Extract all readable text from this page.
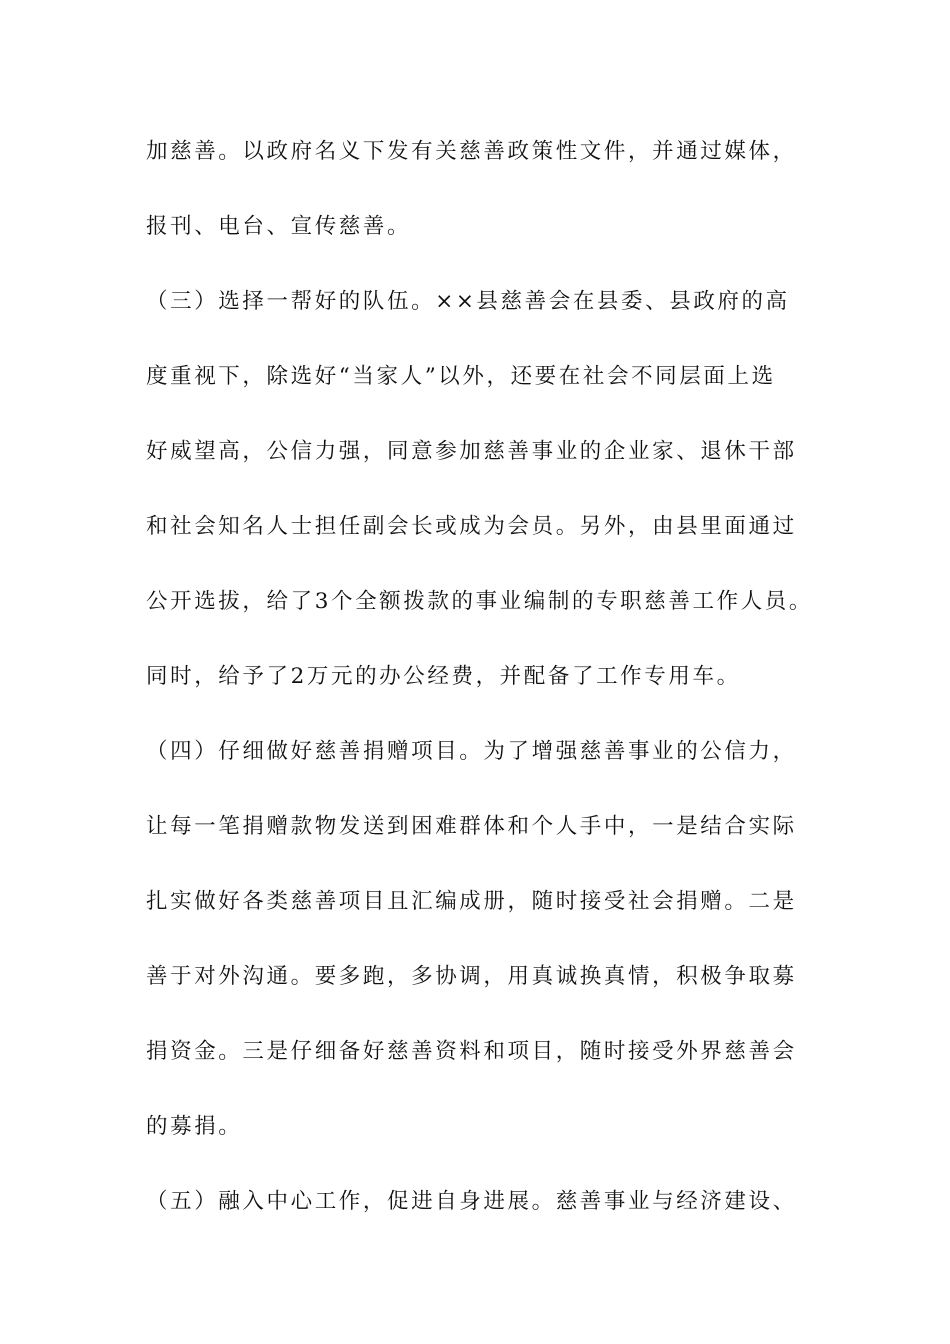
加慈善。以政府名义下发有关慈善政策性文件，并通过媒体，
报刊、电台、宣传慈善。
（三）选择一帮好的队伍。××县慈善会在县委、县政府的高
度重视下，除选好“当家人”以外，还要在社会不同层面上选
好威望高，公信力强，同意参加慈善事业的企业家、退休干部
和社会知名人士担任副会长或成为会员。另外，由县里面通过
公开选拔，给了3个全额拨款的事业编制的专职慈善工作人员。
同时，给予了2万元的办公经费，并配备了工作专用车。
（四）仔细做好慈善捐赠项目。为了增强慈善事业的公信力，
让每一笔捐赠款物发送到困难群体和个人手中，一是结合实际
扎实做好各类慈善项目且汇编成册，随时接受社会捐赠。二是
善于对外沟通。要多跑，多协调，用真诚换真情，积极争取募
捐资金。三是仔细备好慈善资料和项目，随时接受外界慈善会
的募捐。
（五）融入中心工作，促进自身进展。慈善事业与经济建设、
